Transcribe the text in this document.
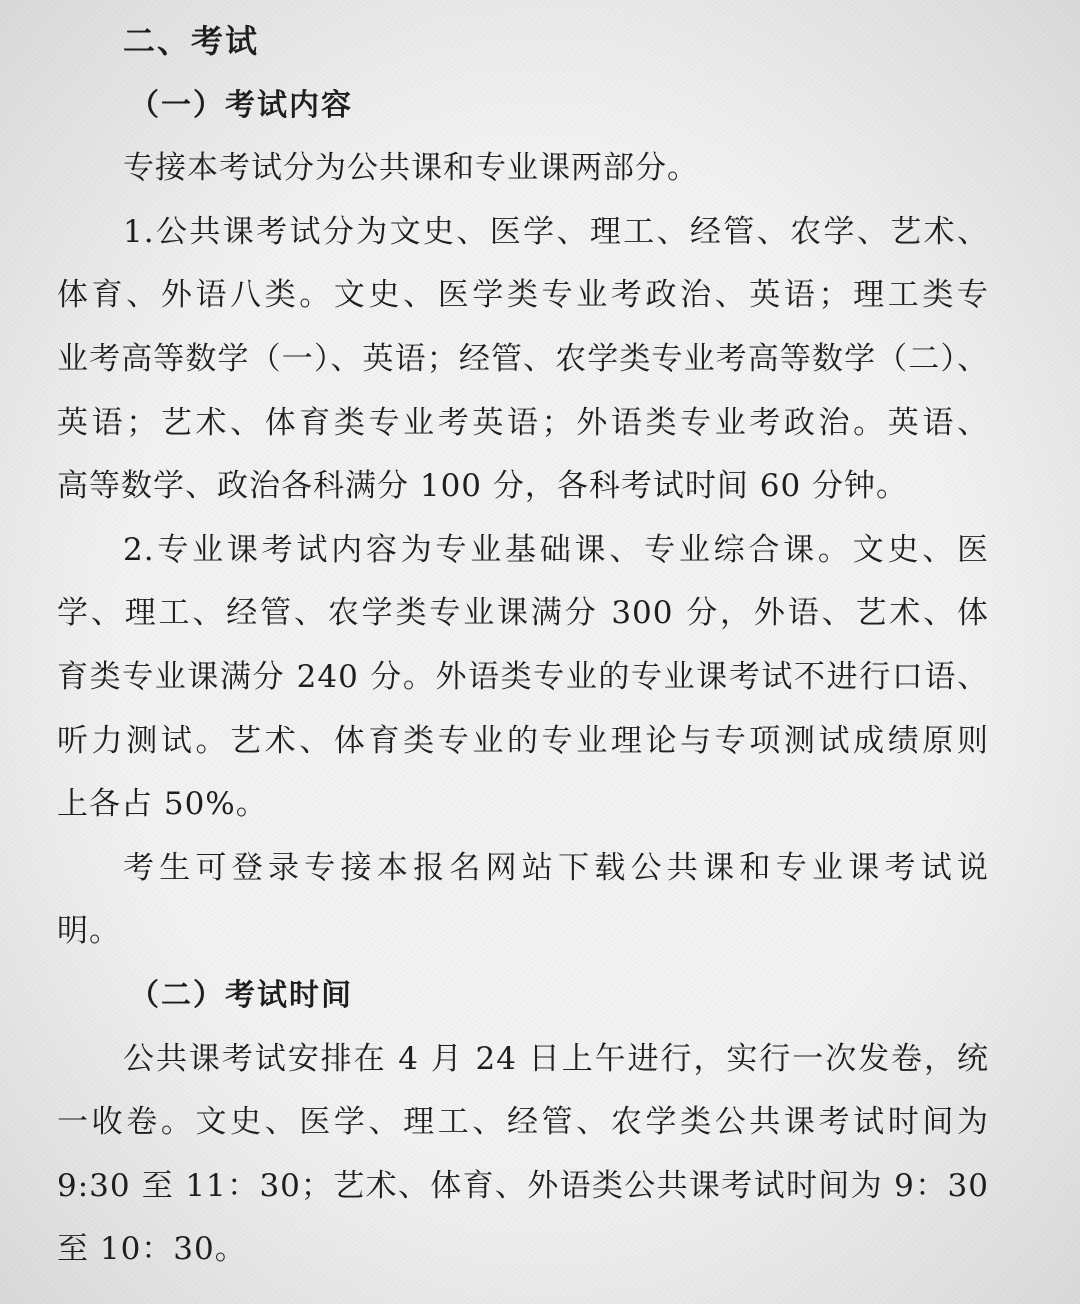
二、考试
（一）考试内容
专接本考试分为公共课和专业课两部分。
1.公共课考试分为文史、医学、理工、经管、农学、艺术、
体育、外语八类。文史、医学类专业考政治、英语；理工类专
业考高等数学（一）、英语；经管、农学类专业考高等数学（二）、
英语；艺术、体育类专业考英语；外语类专业考政治。英语、
高等数学、政治各科满分 100 分，各科考试时间 60 分钟。
2.专业课考试内容为专业基础课、专业综合课。文史、医
学、理工、经管、农学类专业课满分 300 分，外语、艺术、体
育类专业课满分 240 分。外语类专业的专业课考试不进行口语、
听力测试。艺术、体育类专业的专业理论与专项测试成绩原则
上各占 50%。
考生可登录专接本报名网站下载公共课和专业课考试说
明。
（二）考试时间
公共课考试安排在 4 月 24 日上午进行，实行一次发卷，统
一收卷。文史、医学、理工、经管、农学类公共课考试时间为
9:30 至 11：30；艺术、体育、外语类公共课考试时间为 9：30
至 10：30。
